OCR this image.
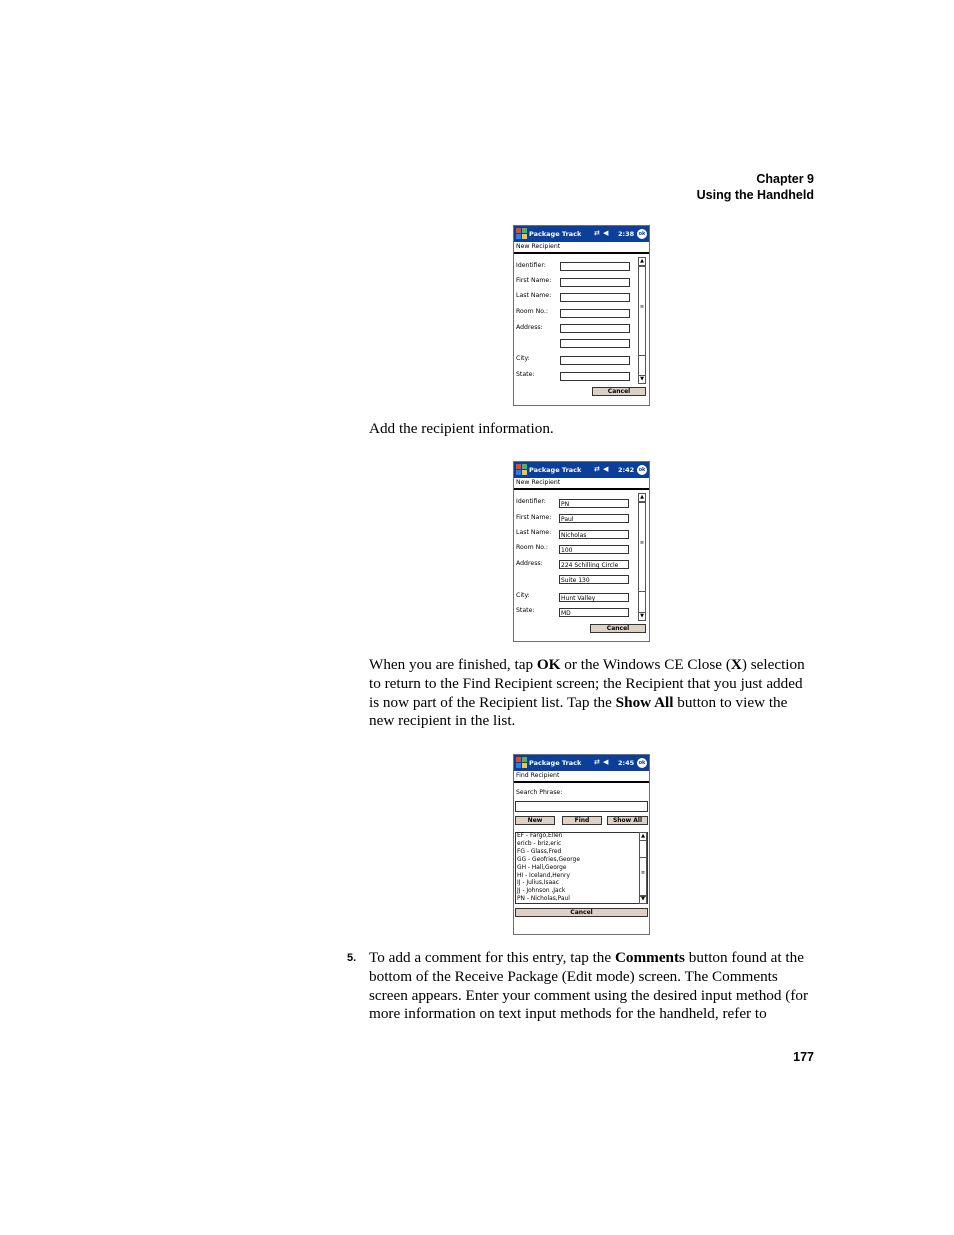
Chapter 9
Using the Handheld
Package Track ⇄ ◀ 2:38 ok
New Recipient
Identifier:
First Name:
Last Name:
Room No.:
Address:
City:
State:
▲
≡
▼
Cancel
Add the recipient information.
Package Track ⇄ ◀ 2:42 ok
New Recipient
Identifier:	PN
First Name:	Paul
Last Name:	Nicholas
Room No.:	100
Address:	224 Schilling Circle
Suite 130
City:	Hunt Valley
State:	MD
▲
≡
▼
Cancel
When you are finished, tap OK or the Windows CE Close (X) selection to return to the Find Recipient screen; the Recipient that you just added is now part of the Recipient list. Tap the Show All button to view the new recipient in the list.
Package Track ⇄ ◀ 2:45 ok
Find Recipient
Search Phrase:
New	Find	Show All
EF - Fargo,Ellen
ericb - briz,eric
FG - Glass,Fred
GG - Geofries,George
GH - Hall,George
HI - Iceland,Henry
IJ - Julius,Isaac
JJ - Johnson ,Jack
PN - Nicholas,Paul
▲
≡
▼
Cancel
5. To add a comment for this entry, tap the Comments button found at the bottom of the Receive Package (Edit mode) screen. The Comments screen appears. Enter your comment using the desired input method (for more information on text input methods for the handheld, refer to
177
